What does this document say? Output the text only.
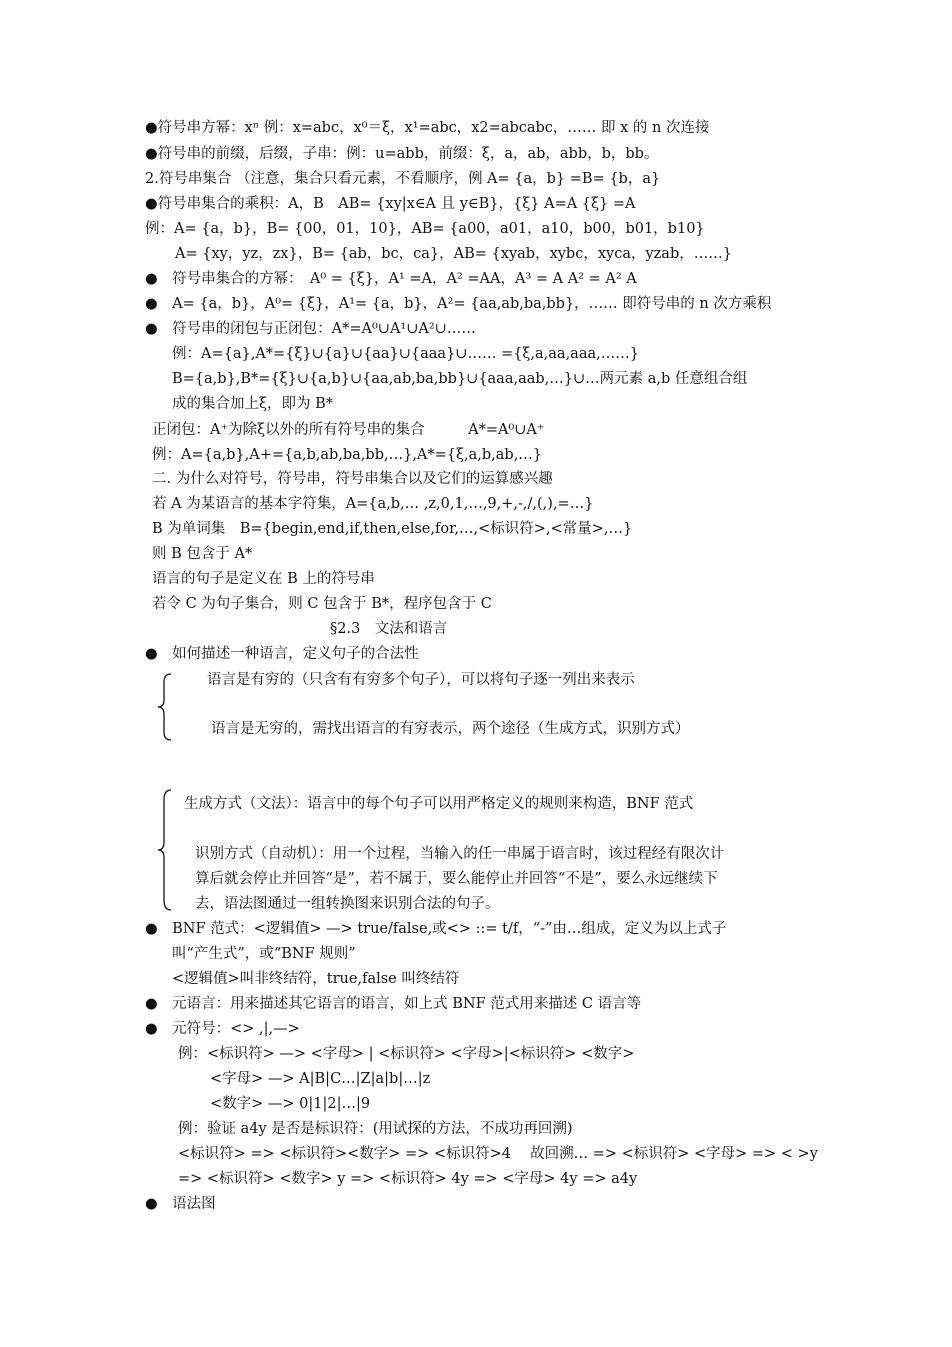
●符号串方幂：xⁿ 例：x=abc，x⁰＝ξ，x¹=abc，x2=abcabc，…… 即 x 的 n 次连接
●符号串的前缀，后缀，子串：例：u=abb，前缀：ξ，a，ab，abb，b，bb。
2.符号串集合 （注意，集合只看元素，不看顺序，例 A= {a，b} =B= {b，a}
●符号串集合的乘积：A，B　AB= {xy|x∈A 且 y∈B}，{ξ} A=A {ξ} =A
例：A= {a，b}，B= {00，01，10}，AB= {a00，a01，a10，b00，b01，b10}
A= {xy，yz，zx}，B= {ab，bc，ca}，AB= {xyab，xybc，xyca，yzab，……}
●　符号串集合的方幂：　A⁰ = {ξ}，A¹ =A，A² =AA，A³ = A A² = A² A
●　A= {a，b}，A⁰= {ξ}，A¹= {a，b}，A²= {aa,ab,ba,bb}，…… 即符号串的 n 次方乘积
●　符号串的闭包与正闭包：A*=A⁰∪A¹∪A²∪……
例：A={a},A*={ξ}∪{a}∪{aa}∪{aaa}∪…… ={ξ,a,aa,aaa,……}
B={a,b},B*={ξ}∪{a,b}∪{aa,ab,ba,bb}∪{aaa,aab,…}∪…两元素 a,b 任意组合组
成的集合加上ξ，即为 B*
正闭包：A⁺为除ξ以外的所有符号串的集合　　　A*=A⁰∪A⁺
例：A={a,b},A+={a,b,ab,ba,bb,…},A*={ξ,a,b,ab,…}
二. 为什么对符号，符号串，符号串集合以及它们的运算感兴趣
若 A 为某语言的基本字符集，A={a,b,… ,z,0,1,…,9,+,-,/,(,),=…}
B 为单词集　B={begin,end,if,then,else,for,…,<标识符>,<常量>,…}
则 B 包含于 A*
语言的句子是定义在 B 上的符号串
若令 C 为句子集合，则 C 包含于 B*，程序包含于 C
§2.3　文法和语言
●　如何描述一种语言，定义句子的合法性
语言是有穷的（只含有有穷多个句子），可以将句子逐一列出来表示
语言是无穷的，需找出语言的有穷表示，两个途径（生成方式，识别方式）
生成方式（文法）：语言中的每个句子可以用严格定义的规则来构造，BNF 范式
识别方式（自动机）：用一个过程，当输入的任一串属于语言时，该过程经有限次计
算后就会停止并回答“是”，若不属于，要么能停止并回答“不是”，要么永远继续下
去，语法图通过一组转换图来识别合法的句子。
●　BNF 范式：<逻辑值> —> true/false,或<> ::= t/f，“-”由…组成，定义为以上式子
叫“产生式”，或“BNF 规则”
<逻辑值>叫非终结符，true,false 叫终结符
●　元语言：用来描述其它语言的语言，如上式 BNF 范式用来描述 C 语言等
●　元符号：<> ,|,—>
例：<标识符> —> <字母> | <标识符> <字母>|<标识符> <数字>
<字母> —> A|B|C…|Z|a|b|…|z
<数字> —> 0|1|2|…|9
例：验证 a4y 是否是标识符：(用试探的方法，不成功再回溯)
<标识符> => <标识符><数字> => <标识符>4　 故回溯… => <标识符> <字母> => < >y
=> <标识符> <数字> y => <标识符> 4y => <字母> 4y => a4y
●　语法图
